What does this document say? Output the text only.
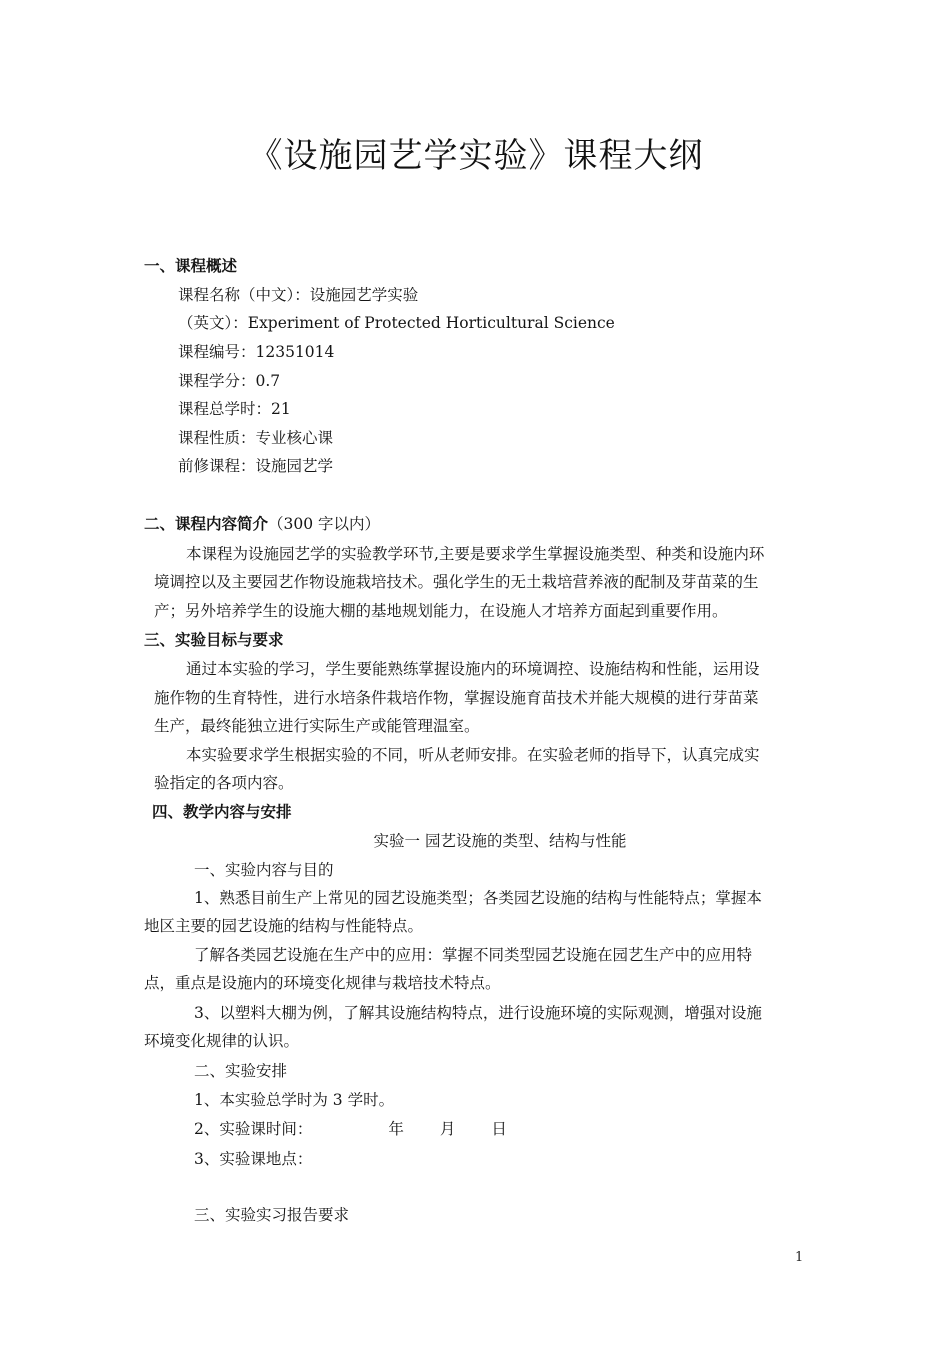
《设施园艺学实验》课程大纲
一、课程概述
课程名称（中文）：设施园艺学实验
（英文）：Experiment of Protected Horticultural Science
课程编号：12351014
课程学分：0.7
课程总学时：21
课程性质：专业核心课
前修课程：设施园艺学
二、课程内容简介（300 字以内）
本课程为设施园艺学的实验教学环节,主要是要求学生掌握设施类型、种类和设施内环
境调控以及主要园艺作物设施栽培技术。强化学生的无土栽培营养液的配制及芽苗菜的生
产；另外培养学生的设施大棚的基地规划能力，在设施人才培养方面起到重要作用。
三、实验目标与要求
通过本实验的学习，学生要能熟练掌握设施内的环境调控、设施结构和性能，运用设
施作物的生育特性，进行水培条件栽培作物，掌握设施育苗技术并能大规模的进行芽苗菜
生产，最终能独立进行实际生产或能管理温室。
本实验要求学生根据实验的不同，听从老师安排。在实验老师的指导下，认真完成实
验指定的各项内容。
四、教学内容与安排
实验一 园艺设施的类型、结构与性能
一、实验内容与目的
1、熟悉目前生产上常见的园艺设施类型；各类园艺设施的结构与性能特点；掌握本
地区主要的园艺设施的结构与性能特点。
了解各类园艺设施在生产中的应用：掌握不同类型园艺设施在园艺生产中的应用特
点，重点是设施内的环境变化规律与栽培技术特点。
3、以塑料大棚为例，了解其设施结构特点，进行设施环境的实际观测，增强对设施
环境变化规律的认识。
二、实验安排
1、本实验总学时为 3 学时。
2、实验课时间：	年 月 日
3、实验课地点：
三、实验实习报告要求
1
